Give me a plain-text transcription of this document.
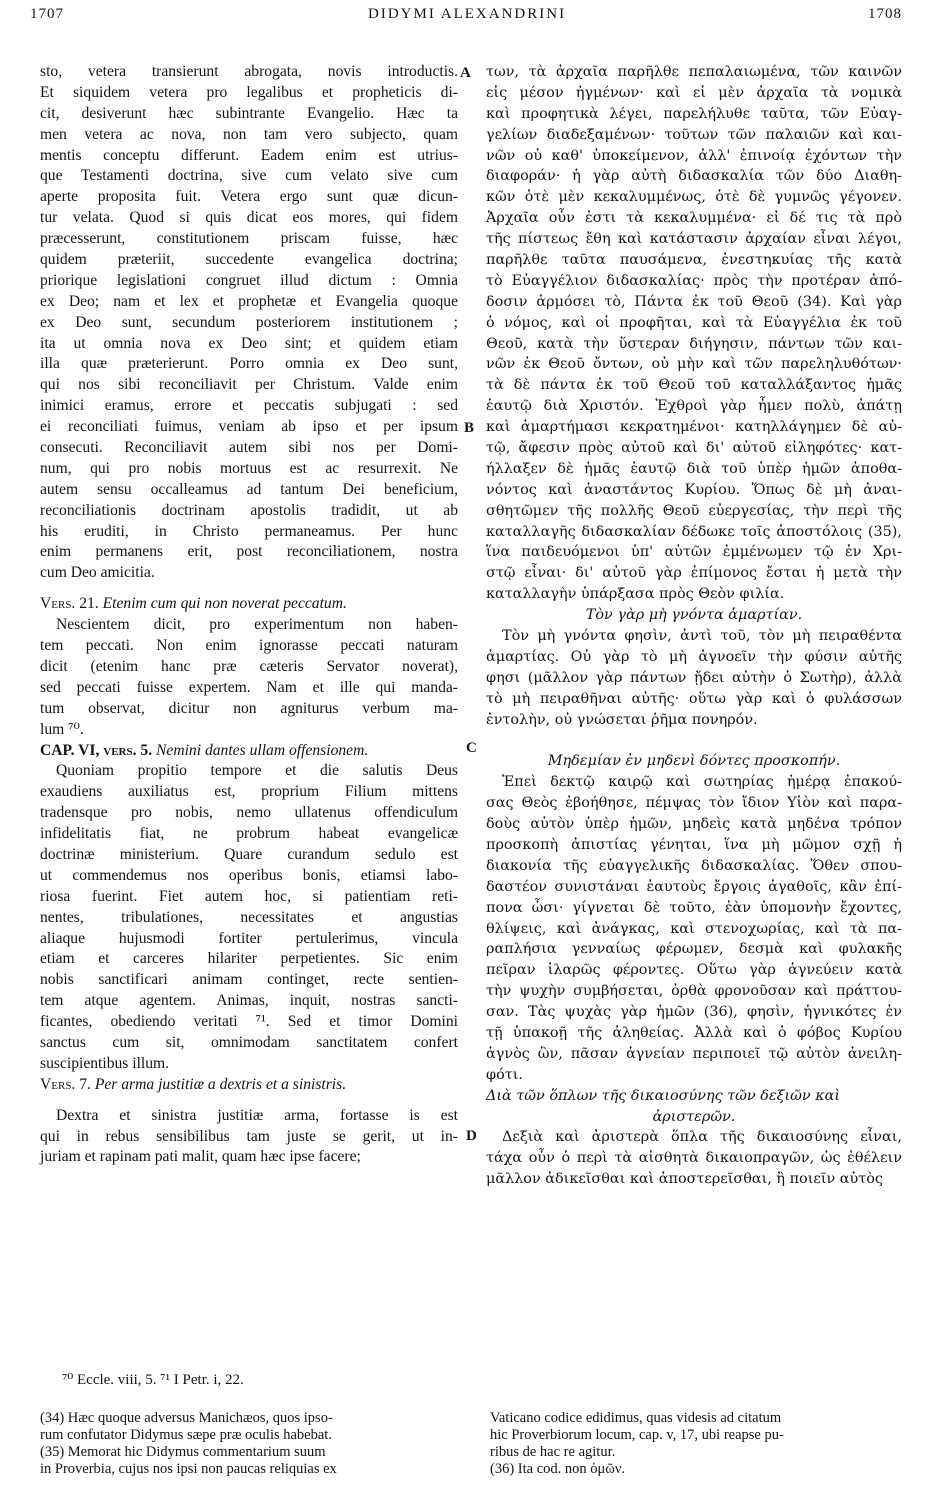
1707	DIDYMI ALEXANDRINI	1708
A
B
C
D
sto, vetera transierunt abrogata, novis introductis.
Et siquidem vetera pro legalibus et propheticis di-
cit, desiverunt hæc subintrante Evangelio. Hæc ta
men vetera ac nova, non tam vero subjecto, quam
mentis conceptu differunt. Eadem enim est utrius-
que Testamenti doctrina, sive cum velato sive cum
aperte proposita fuit. Vetera ergo sunt quæ dicun-
tur velata. Quod si quis dicat eos mores, qui fidem
præcesserunt, constitutionem priscam fuisse, hæc
quidem præteriit, succedente evangelica doctrina;
priorique legislationi congruet illud dictum : Omnia
ex Deo; nam et lex et prophetæ et Evangelia quoque
ex Deo sunt, secundum posteriorem institutionem ;
ita ut omnia nova ex Deo sint; et quidem etiam
illa quæ præterierunt. Porro omnia ex Deo sunt,
qui nos sibi reconciliavit per Christum. Valde enim
inimici eramus, errore et peccatis subjugati : sed
ei reconciliati fuimus, veniam ab ipso et per ipsum
consecuti. Reconciliavit autem sibi nos per Domi-
num, qui pro nobis mortuus est ac resurrexit. Ne
autem sensu occalleamus ad tantum Dei beneficium,
reconciliationis doctrinam apostolis tradidit, ut ab
his eruditi, in Christo permaneamus. Per hunc
enim permanens erit, post reconciliationem, nostra
cum Deo amicitia.
Vers. 21. Etenim cum qui non noverat peccatum.
Nescientem dicit, pro experimentum non haben-
tem peccati. Non enim ignorasse peccati naturam
dicit (etenim hanc præ cæteris Servator noverat),
sed peccati fuisse expertem. Nam et ille qui manda-
tum observat, dicitur non agniturus verbum ma-
lum ⁷⁰.
CAP. VI, vers. 5. Nemini dantes ullam offensionem.
Quoniam propitio tempore et die salutis Deus
exaudiens auxiliatus est, proprium Filium mittens
tradensque pro nobis, nemo ullatenus offendiculum
infidelitatis fiat, ne probrum habeat evangelicæ
doctrinæ ministerium. Quare curandum sedulo est
ut commendemus nos operibus bonis, etiamsi labo-
riosa fuerint. Fiet autem hoc, si patientiam reti-
nentes, tribulationes, necessitates et angustias
aliaque hujusmodi fortiter pertulerimus, vincula
etiam et carceres hilariter perpetientes. Sic enim
nobis sanctificari animam continget, recte sentien-
tem atque agentem. Animas, inquit, nostras sancti-
ficantes, obediendo veritati ⁷¹. Sed et timor Domini
sanctus cum sit, omnimodam sanctitatem confert
suscipientibus illum.
Vers. 7. Per arma justitiæ a dextris et a sinistris.
Dextra et sinistra justitiæ arma, fortasse is est
qui in rebus sensibilibus tam juste se gerit, ut in-
juriam et rapinam pati malit, quam hæc ipse facere;
των, τὰ ἀρχαῖα παρῆλθε πεπαλαιωμένα, τῶν καινῶν
εἰς μέσον ἠγμένων· καὶ εἰ μὲν ἀρχαῖα τὰ νομικὰ
καὶ προφητικὰ λέγει, παρελήλυθε ταῦτα, τῶν Εὐαγ-
γελίων διαδεξαμένων· τοῦτων τῶν παλαιῶν καὶ και-
νῶν οὐ καθ' ὑποκείμενον, ἀλλ' ἐπινοίᾳ ἐχόντων τὴν
διαφοράν· ἡ γὰρ αὐτὴ διδασκαλία τῶν δύο Διαθη-
κῶν ὁτὲ μὲν κεκαλυμμένως, ὁτὲ δὲ γυμνῶς γέγονεν.
Ἀρχαῖα οὖν ἐστι τὰ κεκαλυμμένα· εἰ δέ τις τὰ πρὸ
τῆς πίστεως ἔθη καὶ κατάστασιν ἀρχαίαν εἶναι λέγοι,
παρῆλθε ταῦτα παυσάμενα, ἐνεστηκυίας τῆς κατὰ
τὸ Εὐαγγέλιον διδασκαλίας· πρὸς τὴν προτέραν ἀπό-
δοσιν ἁρμόσει τὸ, Πάντα ἐκ τοῦ Θεοῦ (34). Καὶ γὰρ
ὁ νόμος, καὶ οἱ προφῆται, καὶ τὰ Εὐαγγέλια ἐκ τοῦ
Θεοῦ, κατὰ τὴν ὕστεραν διήγησιν, πάντων τῶν και-
νῶν ἐκ Θεοῦ ὄντων, οὐ μὴν καὶ τῶν παρεληλυθότων·
τὰ δὲ πάντα ἐκ τοῦ Θεοῦ τοῦ καταλλάξαντος ἡμᾶς
ἑαυτῷ διὰ Χριστόν. Ἐχθροὶ γὰρ ἦμεν πολὺ, ἀπάτῃ
καὶ ἁμαρτήμασι κεκρατημένοι· κατηλλάγημεν δὲ αὐ-
τῷ, ἄφεσιν πρὸς αὐτοῦ καὶ δι' αὐτοῦ εἰληφότες· κατ-
ήλλαξεν δὲ ἡμᾶς ἑαυτῷ διὰ τοῦ ὑπὲρ ἡμῶν ἀποθα-
νόντος καὶ ἀναστάντος Κυρίου. Ὅπως δὲ μὴ ἀναι-
σθητῶμεν τῆς πολλῆς Θεοῦ εὐεργεσίας, τὴν περὶ τῆς
καταλλαγῆς διδασκαλίαν δέδωκε τοῖς ἀποστόλοις (35),
ἵνα παιδευόμενοι ὑπ' αὐτῶν ἐμμένωμεν τῷ ἐν Χρι-
στῷ εἶναι· δι' αὐτοῦ γὰρ ἐπίμονος ἔσται ἡ μετὰ τὴν
καταλλαγὴν ὑπάρξασα πρὸς Θεὸν φιλία.
Τὸν γὰρ μὴ γνόντα ἁμαρτίαν.
Τὸν μὴ γνόντα φησὶν, ἀντὶ τοῦ, τὸν μὴ πειραθέντα
ἁμαρτίας. Οὐ γὰρ τὸ μὴ ἀγνοεῖν τὴν φύσιν αὐτῆς
φησι (μᾶλλον γὰρ πάντων ᾔδει αὐτὴν ὁ Σωτὴρ), ἀλλὰ
τὸ μὴ πειραθῆναι αὐτῆς· οὕτω γὰρ καὶ ὁ φυλάσσων
ἐντολὴν, οὐ γνώσεται ῥῆμα πονηρόν.
Μηδεμίαν ἐν μηδενὶ δόντες προσκοπήν.
Ἐπεὶ δεκτῷ καιρῷ καὶ σωτηρίας ἡμέρᾳ ἐπακού-
σας Θεὸς ἐβοήθησε, πέμψας τὸν ἴδιον Υἱὸν καὶ παρα-
δοὺς αὐτὸν ὑπὲρ ἡμῶν, μηδεὶς κατὰ μηδένα τρόπον
προσκοπὴ ἀπιστίας γένηται, ἵνα μὴ μῶμον σχῇ ἡ
διακονία τῆς εὐαγγελικῆς διδασκαλίας. Ὅθεν σπου-
δαστέον συνιστάναι ἑαυτοὺς ἔργοις ἀγαθοῖς, κἂν ἐπί-
πονα ὦσι· γίγνεται δὲ τοῦτο, ἐὰν ὑπομονὴν ἔχοντες,
θλίψεις, καὶ ἀνάγκας, καὶ στενοχωρίας, καὶ τὰ πα-
ραπλήσια γενναίως φέρωμεν, δεσμὰ καὶ φυλακῆς
πεῖραν ἱλαρῶς φέροντες. Οὕτω γὰρ ἁγνεύειν κατὰ
τὴν ψυχὴν συμβήσεται, ὀρθὰ φρονοῦσαν καὶ πράττου-
σαν. Τὰς ψυχὰς γὰρ ἡμῶν (36), φησὶν, ἡγνικότες ἐν
τῇ ὑπακοῇ τῆς ἀληθείας. Ἀλλὰ καὶ ὁ φόβος Κυρίου
ἁγνὸς ὢν, πᾶσαν ἁγνείαν περιποιεῖ τῷ αὐτὸν ἀνειλη-
φότι.
Διὰ τῶν ὅπλων τῆς δικαιοσύνης τῶν δεξιῶν καὶ
ἀριστερῶν.
Δεξιὰ καὶ ἀριστερὰ ὅπλα τῆς δικαιοσύνης εἶναι,
τάχα οὖν ὁ περὶ τὰ αἰσθητὰ δικαιοπραγῶν, ὡς ἐθέλειν
μᾶλλον ἀδικεῖσθαι καὶ ἀποστερεῖσθαι, ἢ ποιεῖν αὐτὸς
⁷⁰ Eccle. viii, 5. ⁷¹ I Petr. i, 22.
(34) Hæc quoque adversus Manichæos, quos ipso-
rum confutator Didymus sæpe præ oculis habebat.
(35) Memorat hic Didymus commentarium suum
in Proverbia, cujus nos ipsi non paucas reliquias ex
Vaticano codice edidimus, quas videsis ad citatum
hic Proverbiorum locum, cap. v, 17, ubi reapse pu-
ribus de hac re agitur.
(36) Ita cod. non ὁμῶν.
